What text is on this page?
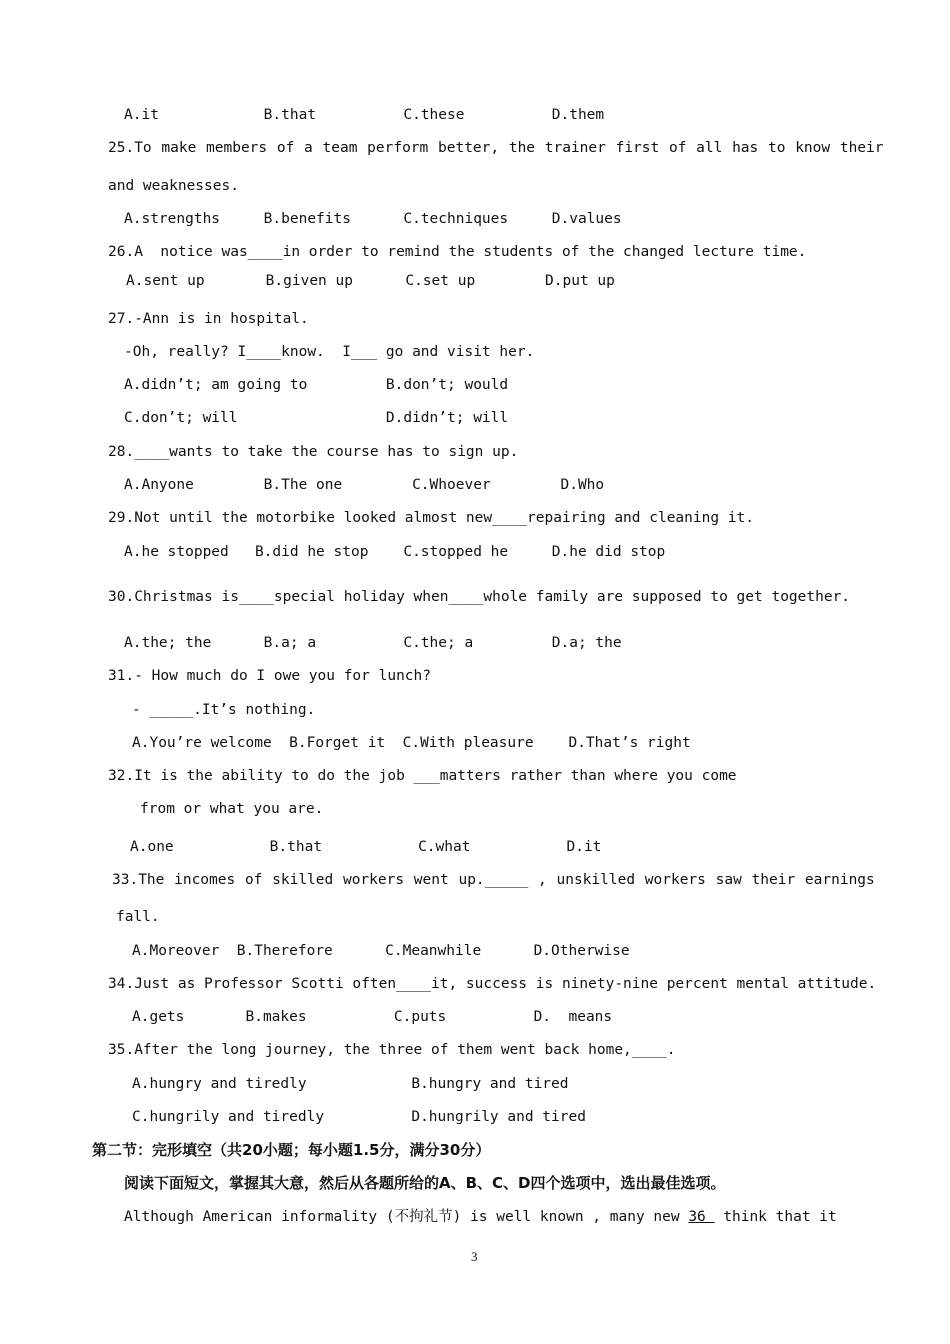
A.it            B.that          C.these          D.them
25.To make members of a team perform better, the trainer first of all has to know their
and weaknesses.
A.strengths     B.benefits      C.techniques     D.values
26.A  notice was____in order to remind the students of the changed lecture time.
A.sent up       B.given up      C.set up        D.put up
27.-Ann is in hospital.
-Oh, really? I____know.  I___ go and visit her.
A.didn’t; am going to         B.don’t; would
C.don’t; will                 D.didn’t; will
28.____wants to take the course has to sign up.
A.Anyone        B.The one        C.Whoever        D.Who
29.Not until the motorbike looked almost new____repairing and cleaning it.
A.he stopped   B.did he stop    C.stopped he     D.he did stop
30.Christmas is____special holiday when____whole family are supposed to get together.
A.the; the      B.a; a          C.the; a         D.a; the
31.- How much do I owe you for lunch?
- _____.It’s nothing.
A.You’re welcome  B.Forget it  C.With pleasure    D.That’s right
32.It is the ability to do the job ___matters rather than where you come
from or what you are.
A.one           B.that           C.what           D.it
33.The incomes of skilled workers went up._____ , unskilled workers saw their earnings
fall.
A.Moreover  B.Therefore      C.Meanwhile      D.Otherwise
34.Just as Professor Scotti often____it, success is ninety-nine percent mental attitude.
A.gets       B.makes          C.puts          D.  means
35.After the long journey, the three of them went back home,____.
A.hungry and tiredly            B.hungry and tired
C.hungrily and tiredly          D.hungrily and tired
第二节：完形填空（共20小题；每小题1.5分，满分30分）
阅读下面短文，掌握其大意，然后从各题所给的A、B、C、D四个选项中，选出最佳选项。
Although American informality (不拘礼节) is well known , many new 36  think that it
3
